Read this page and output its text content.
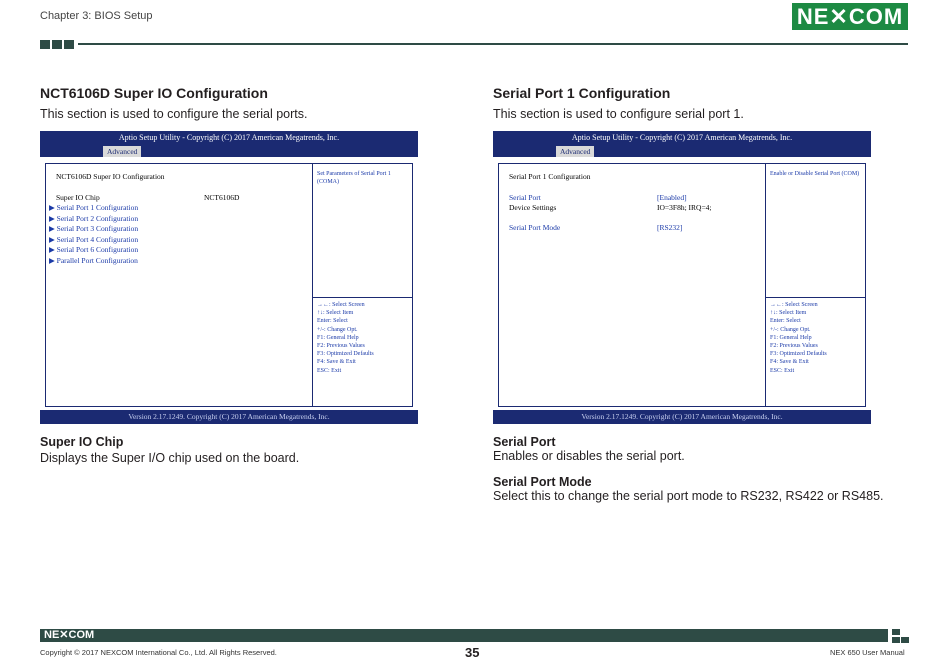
Chapter 3: BIOS Setup	NE✕COM
NCT6106D Super IO Configuration
This section is used to configure the serial ports.
Aptio Setup Utility - Copyright (C) 2017 American Megatrends, Inc.
Advanced
NCT6106D Super IO Configuration
Super IO Chip	NCT6106D
▶ Serial Port 1 Configuration
▶ Serial Port 2 Configuration
▶ Serial Port 3 Configuration
▶ Serial Port 4 Configuration
▶ Serial Port 6 Configuration
▶ Parallel Port Configuration
Set Parameters of Serial Port 1 (COMA)
→←: Select Screen
↑↓: Select Item
Enter: Select
+/-: Change Opt.
F1: General Help
F2: Previous Values
F3: Optimized Defaults
F4: Save & Exit
ESC: Exit
Version 2.17.1249. Copyright (C) 2017 American Megatrends, Inc.
Super IO Chip
Displays the Super I/O chip used on the board.
Serial Port 1 Configuration
This section is used to configure serial port 1.
Aptio Setup Utility - Copyright (C) 2017 American Megatrends, Inc.
Advanced
Serial Port 1 Configuration
Serial Port	[Enabled]
Device Settings	IO=3F8h; IRQ=4;
Serial Port Mode	[RS232]
Enable or Disable Serial Port (COM)
→←: Select Screen
↑↓: Select Item
Enter: Select
+/-: Change Opt.
F1: General Help
F2: Previous Values
F3: Optimized Defaults
F4: Save & Exit
ESC: Exit
Version 2.17.1249. Copyright (C) 2017 American Megatrends, Inc.
Serial Port
Enables or disables the serial port.
Serial Port Mode
Select this to change the serial port mode to RS232, RS422 or RS485.
NE✕COM
Copyright © 2017 NEXCOM International Co., Ltd. All Rights Reserved.	35	NEX 650 User Manual
